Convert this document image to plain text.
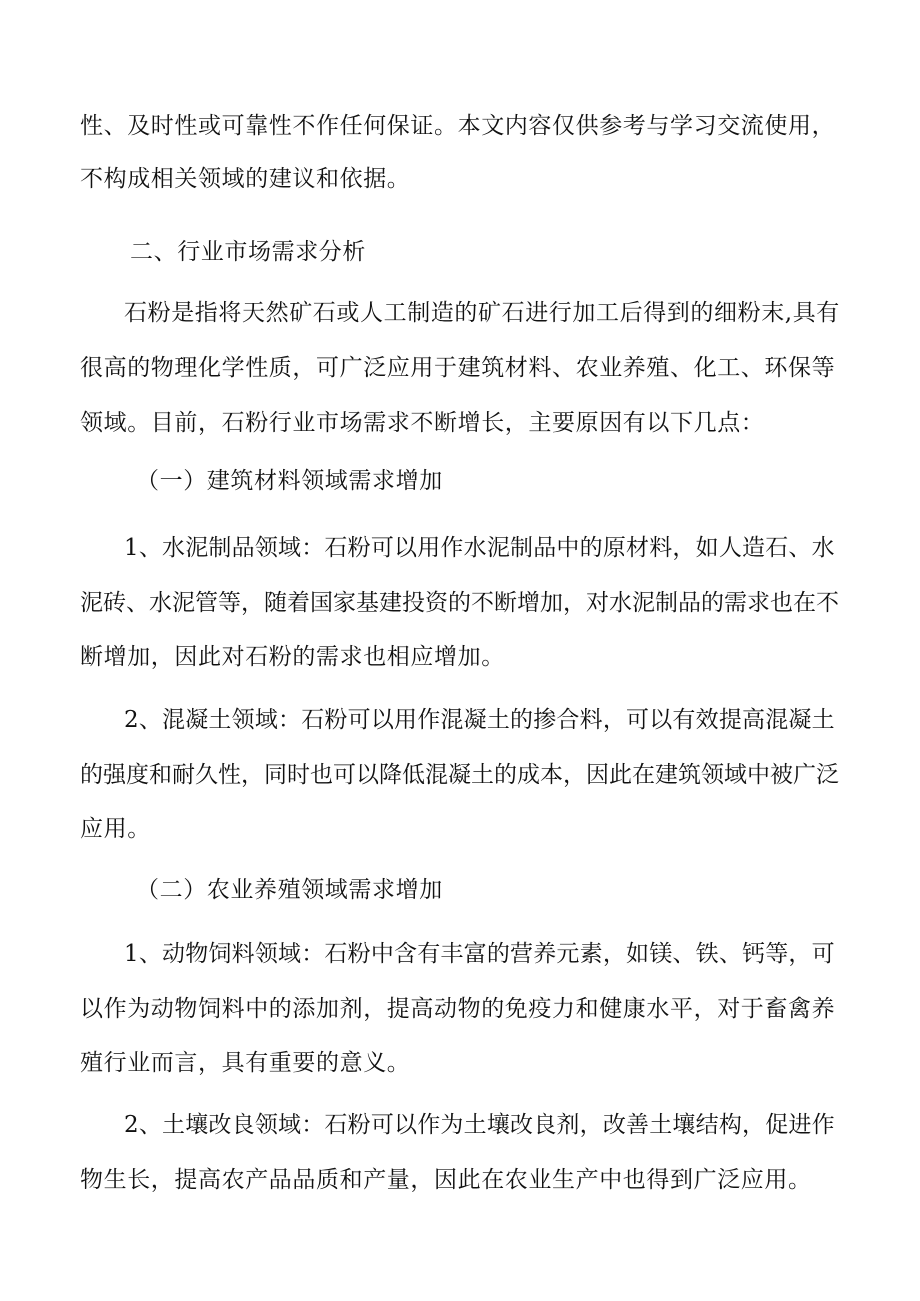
性、及时性或可靠性不作任何保证。本文内容仅供参考与学习交流使用，
不构成相关领域的建议和依据。
二、行业市场需求分析
石粉是指将天然矿石或人工制造的矿石进行加工后得到的细粉末,具有
很高的物理化学性质，可广泛应用于建筑材料、农业养殖、化工、环保等
领域。目前，石粉行业市场需求不断增长，主要原因有以下几点：
（一）建筑材料领域需求增加
1、水泥制品领域：石粉可以用作水泥制品中的原材料，如人造石、水
泥砖、水泥管等，随着国家基建投资的不断增加，对水泥制品的需求也在不
断增加，因此对石粉的需求也相应增加。
2、混凝土领域：石粉可以用作混凝土的掺合料，可以有效提高混凝土
的强度和耐久性，同时也可以降低混凝土的成本，因此在建筑领域中被广泛
应用。
（二）农业养殖领域需求增加
1、动物饲料领域：石粉中含有丰富的营养元素，如镁、铁、钙等，可
以作为动物饲料中的添加剂，提高动物的免疫力和健康水平，对于畜禽养
殖行业而言，具有重要的意义。
2、土壤改良领域：石粉可以作为土壤改良剂，改善土壤结构，促进作
物生长，提高农产品品质和产量，因此在农业生产中也得到广泛应用。
